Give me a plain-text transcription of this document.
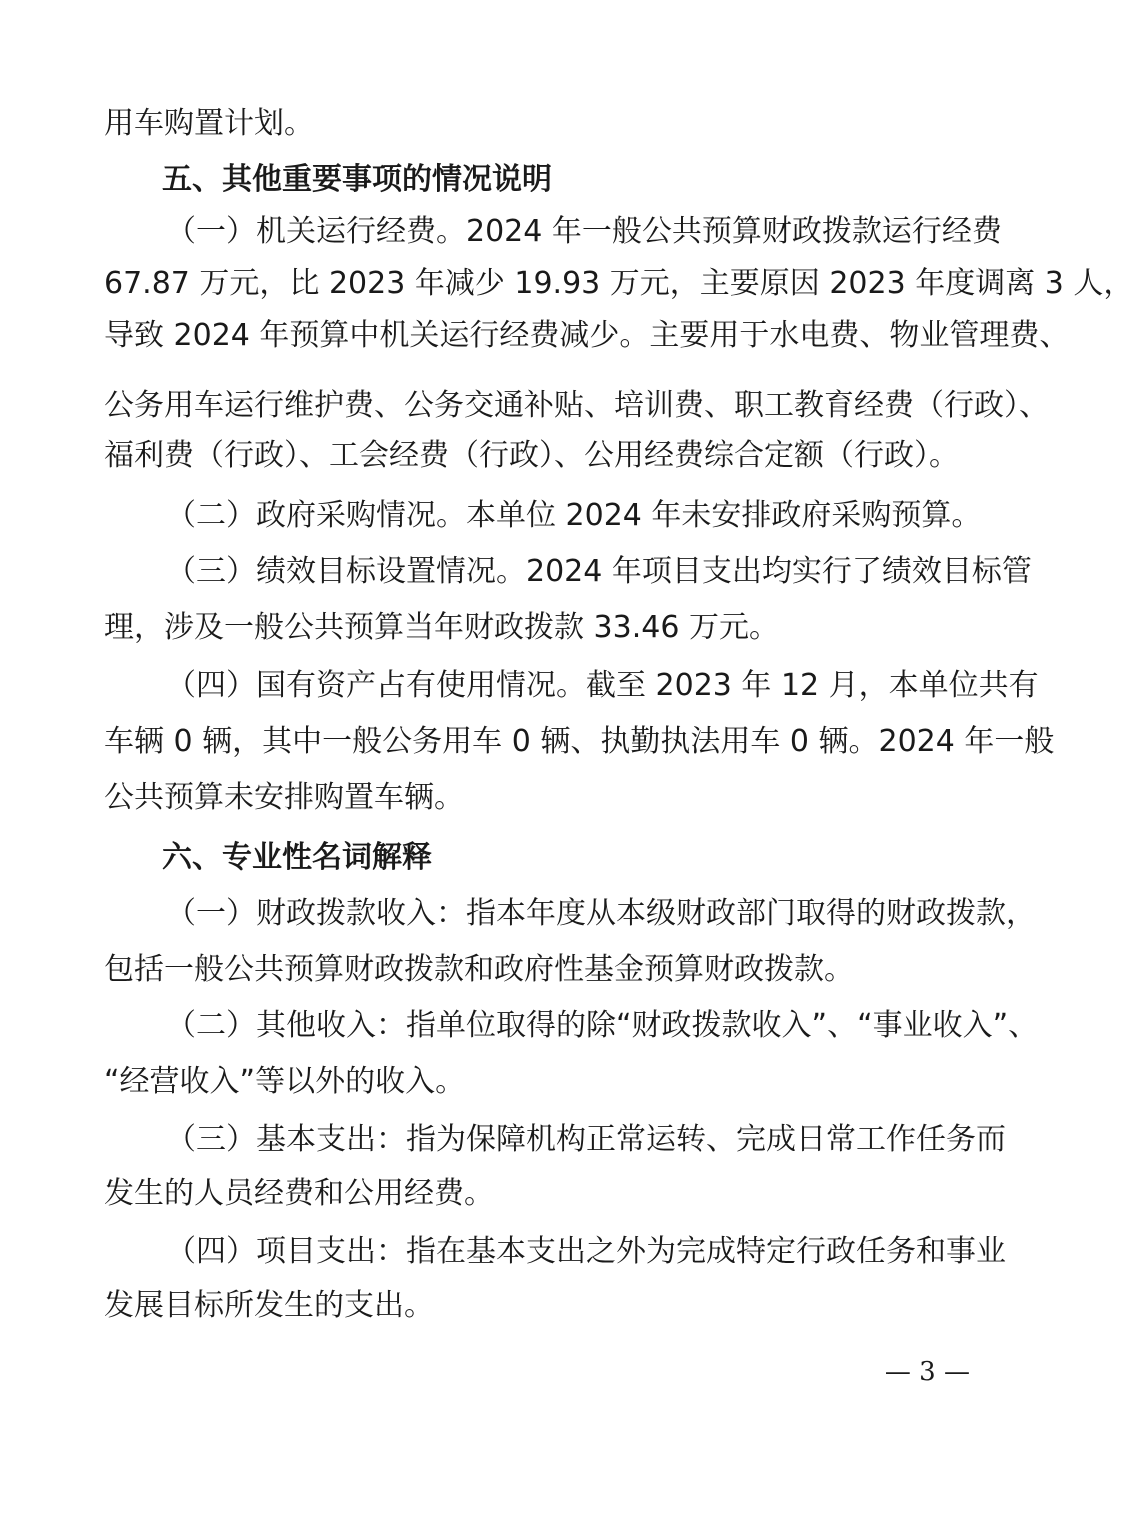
用车购置计划。
五、其他重要事项的情况说明
（一）机关运行经费。2024 年一般公共预算财政拨款运行经费
67.87 万元，比 2023 年减少 19.93 万元，主要原因 2023 年度调离 3 人，
导致 2024 年预算中机关运行经费减少。主要用于水电费、物业管理费、
公务用车运行维护费、公务交通补贴、培训费、职工教育经费（行政）、
福利费（行政）、工会经费（行政）、公用经费综合定额（行政）。
（二）政府采购情况。本单位 2024 年未安排政府采购预算。
（三）绩效目标设置情况。2024 年项目支出均实行了绩效目标管
理，涉及一般公共预算当年财政拨款 33.46 万元。
（四）国有资产占有使用情况。截至 2023 年 12 月，本单位共有
车辆 0 辆，其中一般公务用车 0 辆、执勤执法用车 0 辆。2024 年一般
公共预算未安排购置车辆。
六、专业性名词解释
（一）财政拨款收入：指本年度从本级财政部门取得的财政拨款，
包括一般公共预算财政拨款和政府性基金预算财政拨款。
（二）其他收入：指单位取得的除“财政拨款收入”、“事业收入”、
“经营收入”等以外的收入。
（三）基本支出：指为保障机构正常运转、完成日常工作任务而
发生的人员经费和公用经费。
（四）项目支出：指在基本支出之外为完成特定行政任务和事业
发展目标所发生的支出。
— 3 —
